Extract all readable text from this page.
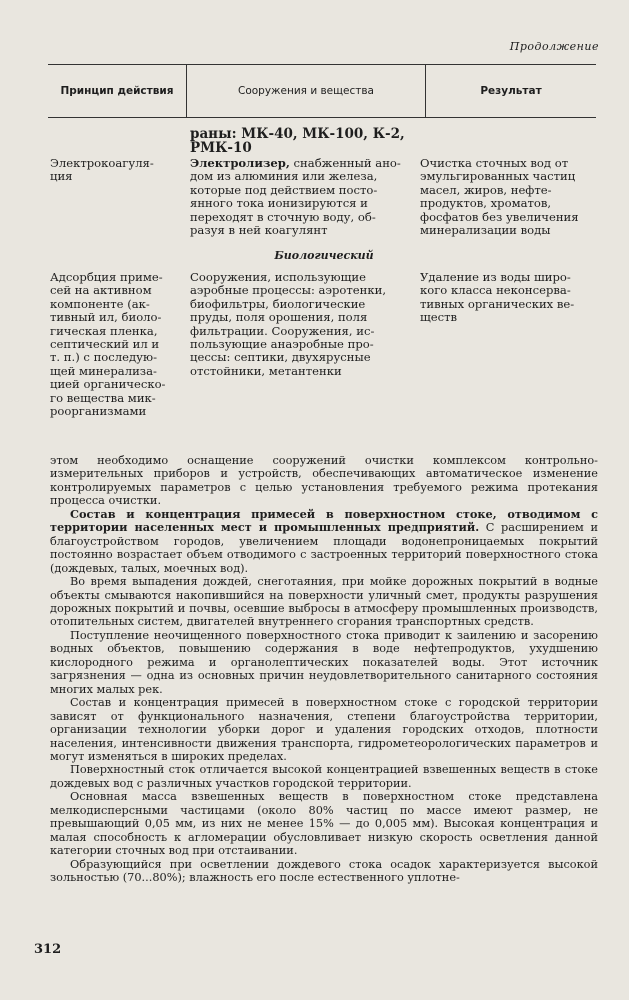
Продолжение
Принцип действия	Сооружения и вещества	Результат
раны: МК-40, МК-100, К-2,
РМК-10
Электрокоагуля-
ция
Электролизер, снабженный ано-
дом из алюминия или железа,
которые под действием посто-
янного тока ионизируются и
переходят в сточную воду, об-
разуя в ней коагулянт
Очистка сточных вод от
эмульгированных частиц
масел, жиров, нефте-
продуктов, хроматов,
фосфатов без увеличения
минерализации воды
Биологический
Адсорбция приме-
сей на активном
компоненте (ак-
тивный ил, биоло-
гическая пленка,
септический ил и
т. п.) с последую-
щей минерализа-
цией органическо-
го вещества мик-
роорганизмами
Сооружения, использующие
аэробные процессы: аэротенки,
биофильтры, биологические
пруды, поля орошения, поля
фильтрации. Сооружения, ис-
пользующие анаэробные про-
цессы: септики, двухярусные
отстойники, метантенки
Удаление из воды широ-
кого класса неконсерва-
тивных органических ве-
ществ

этом необходимо оснащение сооружений очистки комплексом контрольно-измерительных приборов и устройств, обеспечивающих автоматическое изменение контролируемых параметров с целью установления требуемого режима протекания процесса очистки.

Состав и концентрация примесей в поверхностном стоке, отводимом с территории населенных мест и промышленных предприятий. С расширением и благоустройством городов, увеличением площади водонепроницаемых покрытий постоянно возрастает объем отводимого с застроенных территорий поверхностного стока (дождевых, талых, моечных вод).

Во время выпадения дождей, снеготаяния, при мойке дорожных покрытий в водные объекты смываются накопившийся на поверхности уличный смет, продукты разрушения дорожных покрытий и почвы, осевшие выбросы в атмосферу промышленных производств, отопительных систем, двигателей внутреннего сгорания транспортных средств.

Поступление неочищенного поверхностного стока приводит к заилению и засорению водных объектов, повышению содержания в воде нефтепродуктов, ухудшению кислородного режима и органолептических показателей воды. Этот источник загрязнения — одна из основных причин неудовлетворительного санитарного состояния многих малых рек.

Состав и концентрация примесей в поверхностном стоке с городской территории зависят от функционального назначения, степени благоустройства территории, организации технологии уборки дорог и удаления городских отходов, плотности населения, интенсивности движения транспорта, гидрометеорологических параметров и могут изменяться в широких пределах.

Поверхностный сток отличается высокой концентрацией взвешенных веществ в стоке дождевых вод с различных участков городской территории.

Основная масса взвешенных веществ в поверхностном стоке представлена мелкодисперсными частицами (около 80% частиц по массе имеют размер, не превышающий 0,05 мм, из них не менее 15% — до 0,005 мм). Высокая концентрация и малая способность к агломерации обусловливает низкую скорость осветления данной категории сточных вод при отстаивании.

Образующийся при осветлении дождевого стока осадок характеризуется высокой зольностью (70...80%); влажность его после естественного уплотне-

312
